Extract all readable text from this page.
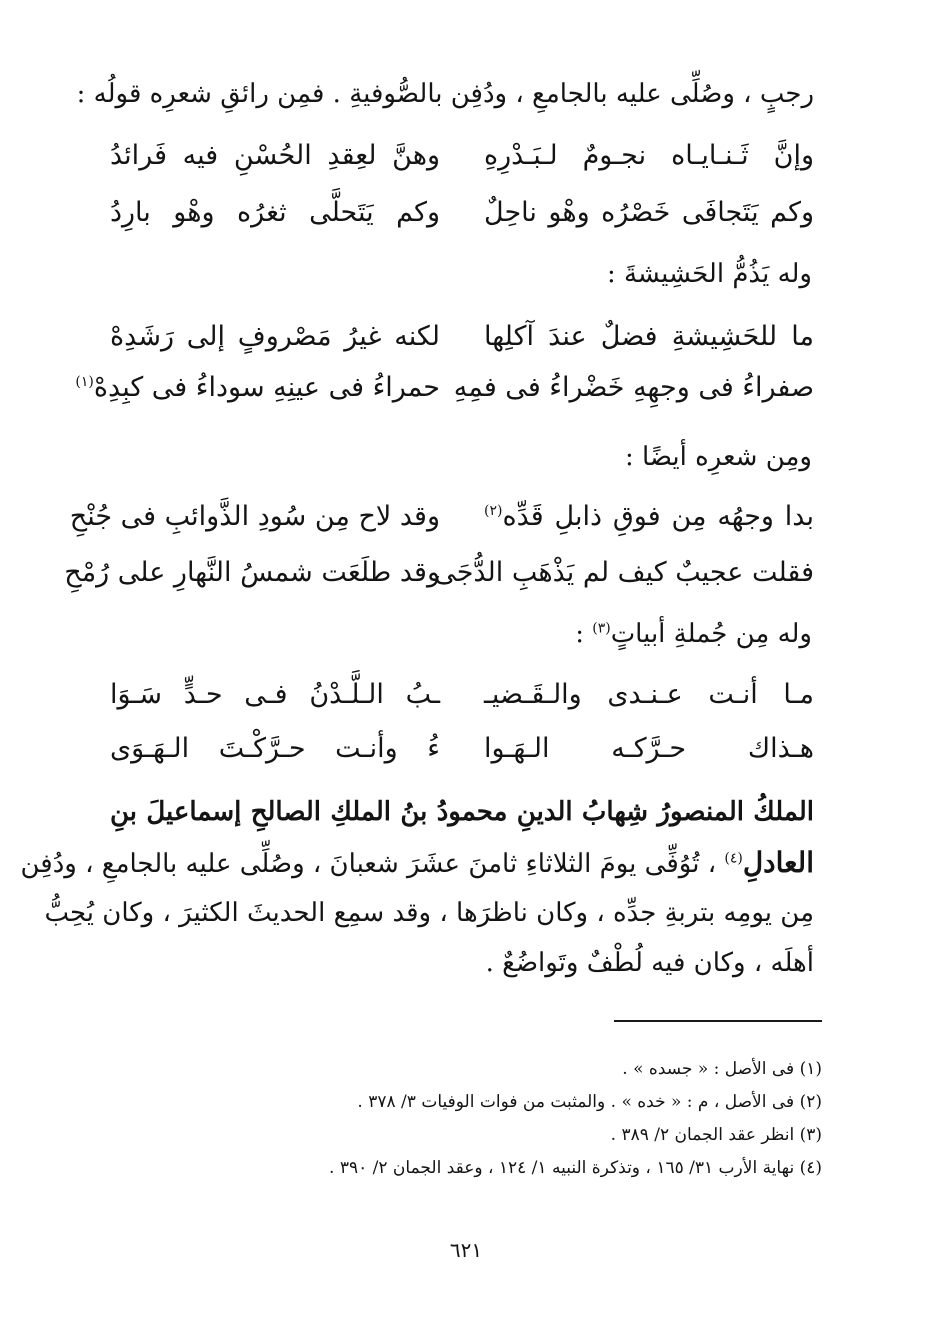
رجبٍ ، وصُلِّى عليه بالجامعِ ، ودُفِن بالصُّوفيةِ . فمِن رائقِ شعرِه قولُه :
وإنَّ ثَـنـايـاه نجـومٌ لـبَـدْرِهِ
وهنَّ لعِقدِ الحُسْنِ فيه فَرائدُ
وكم يَتَجافَى خَصْرُه وهْو ناحِلٌ
وكم يَتَحلَّى ثغرُه وهْو بارِدُ
وله يَذُمُّ الحَشِيشةَ :
ما للحَشِيشةِ فضلٌ عندَ آكلِها
لكنه غيرُ مَصْروفٍ إلى رَشَدِهْ
صفراءُ فى وجهِهِ خَضْراءُ فى فمِهِ
حمراءُ فى عينِهِ سوداءُ فى كبِدِهْ$^{(١)}$
ومِن شعرِه أيضًا :
بدا وجهُه مِن فوقِ ذابلِ قَدِّه$^{(٢)}$
وقد لاح مِن سُودِ الذَّوائبِ فى جُنْحِ
فقلت عجيبٌ كيف لم يَذْهَبِ الدُّجَى
وقد طلَعَت شمسُ النَّهارِ على رُمْحِ
وله مِن جُملةِ أبياتٍ$^{(٣)}$ :
مـا أنـت عـنـدى والـقَـضيـ
ـبُ الـلَّـدْنُ فـى حـدٍّ سَـوَا
هـذاك حـرَّكـه الـهَـوا
ءُ وأنـت حـرَّكْـتَ الـهَـوَى
الملكُ المنصورُ شِهابُ الدينِ محمودُ بنُ الملكِ الصالحِ إسماعيلَ بنِ
العادلِ$^{(٤)}$ ، تُوُفِّى يومَ الثلاثاءِ ثامنَ عشَرَ شعبانَ ، وصُلِّى عليه بالجامعِ ، ودُفِن
مِن يومِه بتربةِ جدِّه ، وكان ناظرَها ، وقد سمِع الحديثَ الكثيرَ ، وكان يُحِبُّ
أهلَه ، وكان فيه لُطْفٌ وتَواضُعٌ .
(١) فى الأصل : « جسده » .
(٢) فى الأصل ، م : « خده » . والمثبت من فوات الوفيات ٣/ ٣٧٨ .
(٣) انظر عقد الجمان ٢/ ٣٨٩ .
(٤) نهاية الأرب ٣١/ ١٦٥ ، وتذكرة النبيه ١/ ١٢٤ ، وعقد الجمان ٢/ ٣٩٠ .
٦٢١
